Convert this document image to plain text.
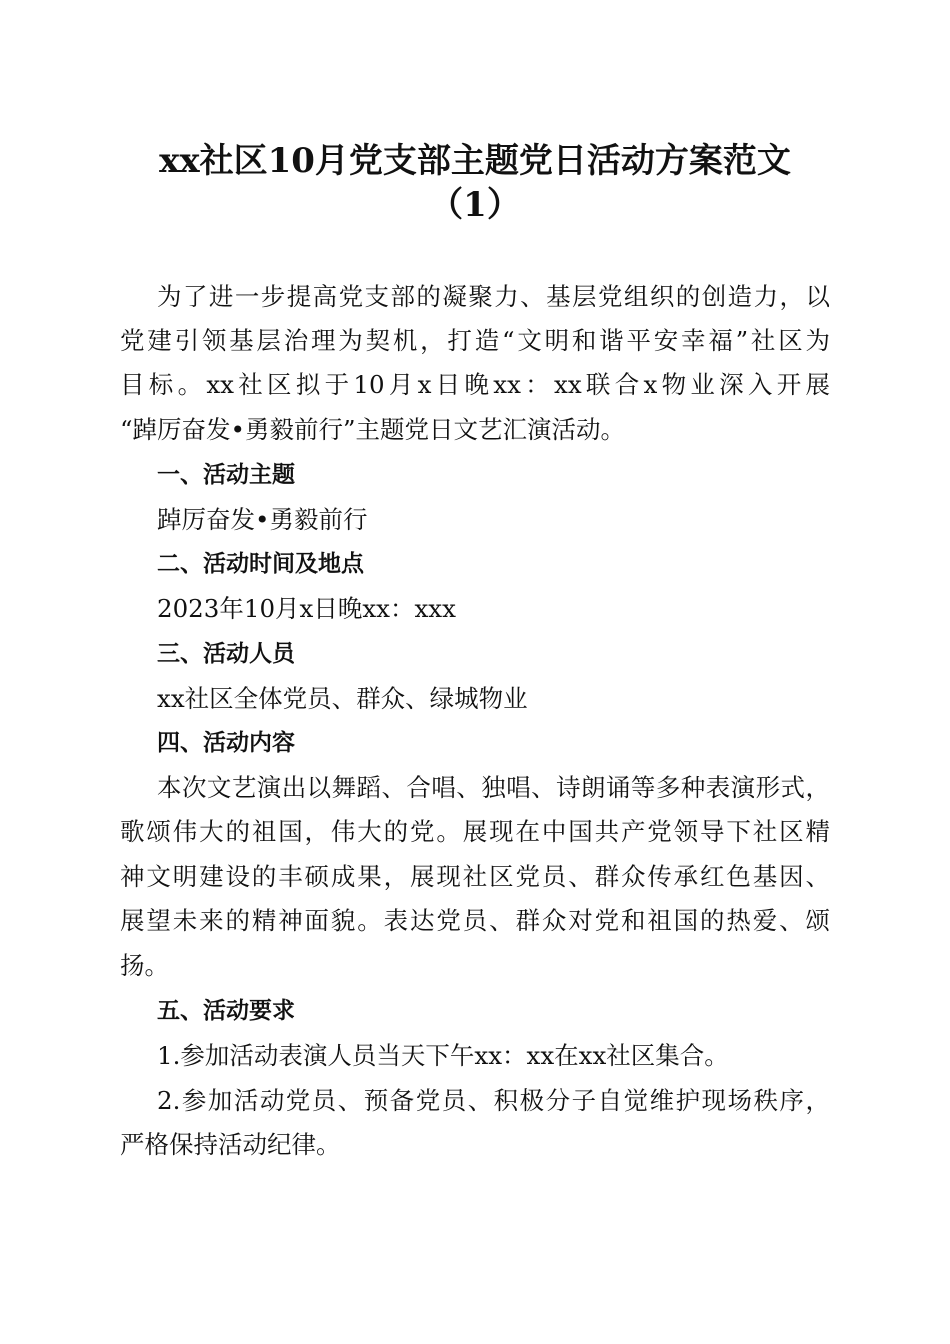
xx社区10月党支部主题党日活动方案范文
（1）
为了进一步提高党支部的凝聚力、基层党组织的创造力，以
党建引领基层治理为契机，打造“文明和谐平安幸福”社区为
目标。xx社区拟于10月x日晚xx：xx联合x物业深入开展
“踔厉奋发•勇毅前行”主题党日文艺汇演活动。
一、活动主题
踔厉奋发•勇毅前行
二、活动时间及地点
2023年10月x日晚xx：xxx
三、活动人员
xx社区全体党员、群众、绿城物业
四、活动内容
本次文艺演出以舞蹈、合唱、独唱、诗朗诵等多种表演形式，
歌颂伟大的祖国，伟大的党。展现在中国共产党领导下社区精
神文明建设的丰硕成果，展现社区党员、群众传承红色基因、
展望未来的精神面貌。表达党员、群众对党和祖国的热爱、颂
扬。
五、活动要求
1.参加活动表演人员当天下午xx：xx在xx社区集合。
2.参加活动党员、预备党员、积极分子自觉维护现场秩序，
严格保持活动纪律。
